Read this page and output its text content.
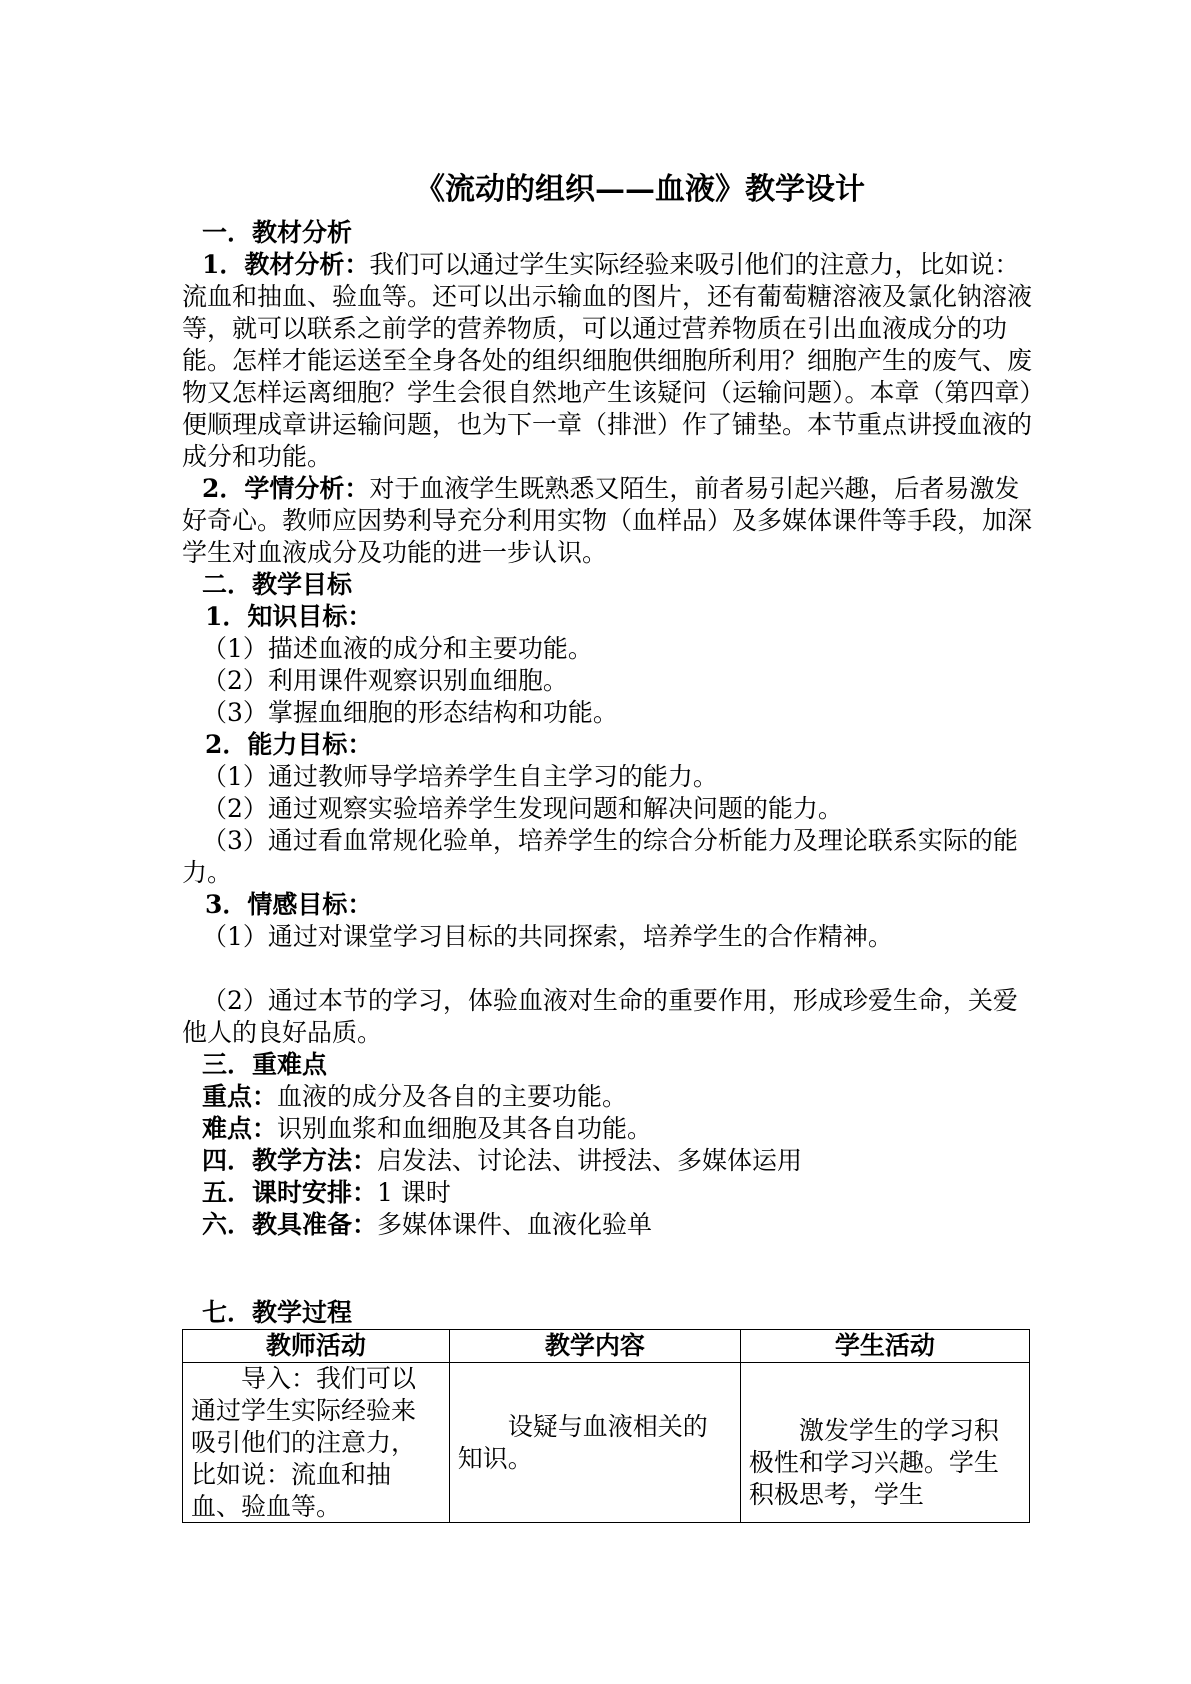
《流动的组织——血液》教学设计

一．教材分析

1．教材分析：我们可以通过学生实际经验来吸引他们的注意力，比如说：流血和抽血、验血等。还可以出示输血的图片，还有葡萄糖溶液及氯化钠溶液等，就可以联系之前学的营养物质，可以通过营养物质在引出血液成分的功能。怎样才能运送至全身各处的组织细胞供细胞所利用？细胞产生的废气、废物又怎样运离细胞？学生会很自然地产生该疑问（运输问题）。本章（第四章）便顺理成章讲运输问题，也为下一章（排泄）作了铺垫。本节重点讲授血液的成分和功能。

2．学情分析：对于血液学生既熟悉又陌生，前者易引起兴趣，后者易激发好奇心。教师应因势利导充分利用实物（血样品）及多媒体课件等手段，加深学生对血液成分及功能的进一步认识。

二．教学目标

1．知识目标：

（1）描述血液的成分和主要功能。

（2）利用课件观察识别血细胞。

（3）掌握血细胞的形态结构和功能。

2．能力目标：

（1）通过教师导学培养学生自主学习的能力。

（2）通过观察实验培养学生发现问题和解决问题的能力。

（3）通过看血常规化验单，培养学生的综合分析能力及理论联系实际的能力。

3．情感目标：

（1）通过对课堂学习目标的共同探索，培养学生的合作精神。

（2）通过本节的学习，体验血液对生命的重要作用，形成珍爱生命，关爱他人的良好品质。

三．重难点

重点：血液的成分及各自的主要功能。

难点：识别血浆和血细胞及其各自功能。

四．教学方法：启发法、讨论法、讲授法、多媒体运用

五．课时安排：1 课时

六．教具准备：多媒体课件、血液化验单

七．教学过程

教师活动	教学内容	学生活动

导入：我们可以通过学生实际经验来吸引他们的注意力，比如说：流血和抽血、验血等。	设疑与血液相关的知识。	激发学生的学习积极性和学习兴趣。学生积极思考，学生
